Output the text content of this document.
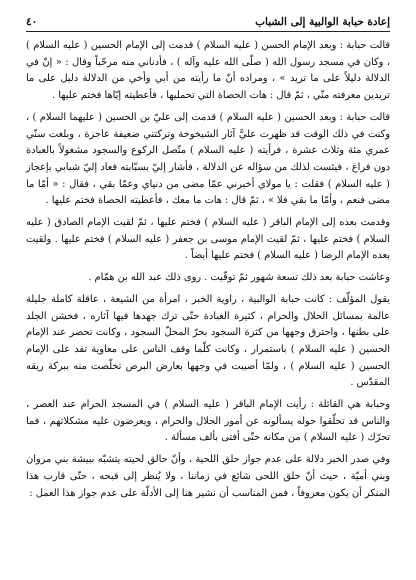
إعادة حبابة الوالبية إلى الشباب
٤٠

قالت حبابة : وبعد الإمام الحسن ( عليه السلام ) قدمت إلى الإمام الحسين ( عليه السلام ) ، وكان في مسجد رسول الله ( صلّى الله عليه وآله ) ، فأدناني منه مرحّباً وقال : « إنّ في الدلالة دليلاً على ما تريد » ، ومراده أنّ ما رأيته من أبي وأخي من الدلالة دليل على ما تريدين معرفته منّي ، ثمّ قال : هات الحصاة التي تحمليها ، فأعطيته إيّاها فختم عليها .

قالت حبابة : وبعد الحسين ( عليه السلام ) قدمت إلى عليّ بن الحسين ( عليهما السلام ) ، وكنت في ذلك الوقت قد ظهرت عليَّ آثار الشيخوخة وتركتني ضعيفة عاجزة ، وبلغت سنّي عمري مئة وثلاث عشرة ، فرأيته ( عليه السلام ) متّصل الركوع والسجود مشغولاً بالعبادة دون فراغ ، فيئست لذلك من سؤاله عن الدلالة ، فأشار إليّ بسبّابته فعاد إليّ شبابي بإعجاز ( عليه السلام ) فقلت : يا مولاي أخبرني عمّا مضى من دنياي وعمّا بقي ، فقال : « أمّا ما مضى فنعم ، وأمّا ما بقي فلا » ، ثمّ قال : هات ما معك ، فأعطيته الحصاة فختم عليها .

وقدمت بعده إلى الإمام الباقر ( عليه السلام ) فختم عليها ، ثمّ لقيت الإمام الصادق ( عليه السلام ) فختم عليها ، ثمّ لقيت الإمام موسى بن جعفر ( عليه السلام ) فختم عليها . ولقيت بعده الإمام الرضا ( عليه السلام ) فختم عليها أيضاً .

وعاشت حبابة بعد ذلك تسعة شهور ثمّ توفّيت . روى ذلك عبد الله بن همّام .

يقول المؤلّف : كانت حبابة الوالبية ، راوية الخبر ، امرأة من الشيعة ، عاقلة كاملة جليلة عالمة بمسائل الحلال والحرام ، كثيرة العبادة حتّى ترك جهدها فيها آثاره ، فخشن الجلد على بطنها ، واحترق وجهها من كثرة السجود بحرّ المحلّ السجود ، وكانت تحضر عند الإمام الحسين ( عليه السلام ) باستمرار ، وكانت كلّما وقف الناس على معاوية تفد على الإمام الحسين ( عليه السلام ) ، ولمّا أصيبت في وجهها بعارض البرص تخلّصت منه ببركة ريقه المقدّس .

وحبابة هي القائلة : رأيت الإمام الباقر ( عليه السلام ) في المسجد الحرام عند العصر ، والناس قد تحلّقوا حوله يسألونه عن أمور الحلال والحرام ، ويعرضون عليه مشكلاتهم ، فما تحرّك ( عليه السلام ) من مكانه حتّى أفتى بألف مسألة .

وفي صدر الخبر دلالة على عدم جواز حلق اللحية ، وأنّ حالق لحيته يتشبّه ببيشة بني مروان وبني أميّة ، حيث أنّ حلق اللحى شائع في زماننا ، ولا يُنظر إلى قبحه ، حتّى قارب هذا المنكر أن يكون معروفاً ، فمن المناسب أن نشير هنا إلى الأدلّة على عدم جواز هذا العمل :
